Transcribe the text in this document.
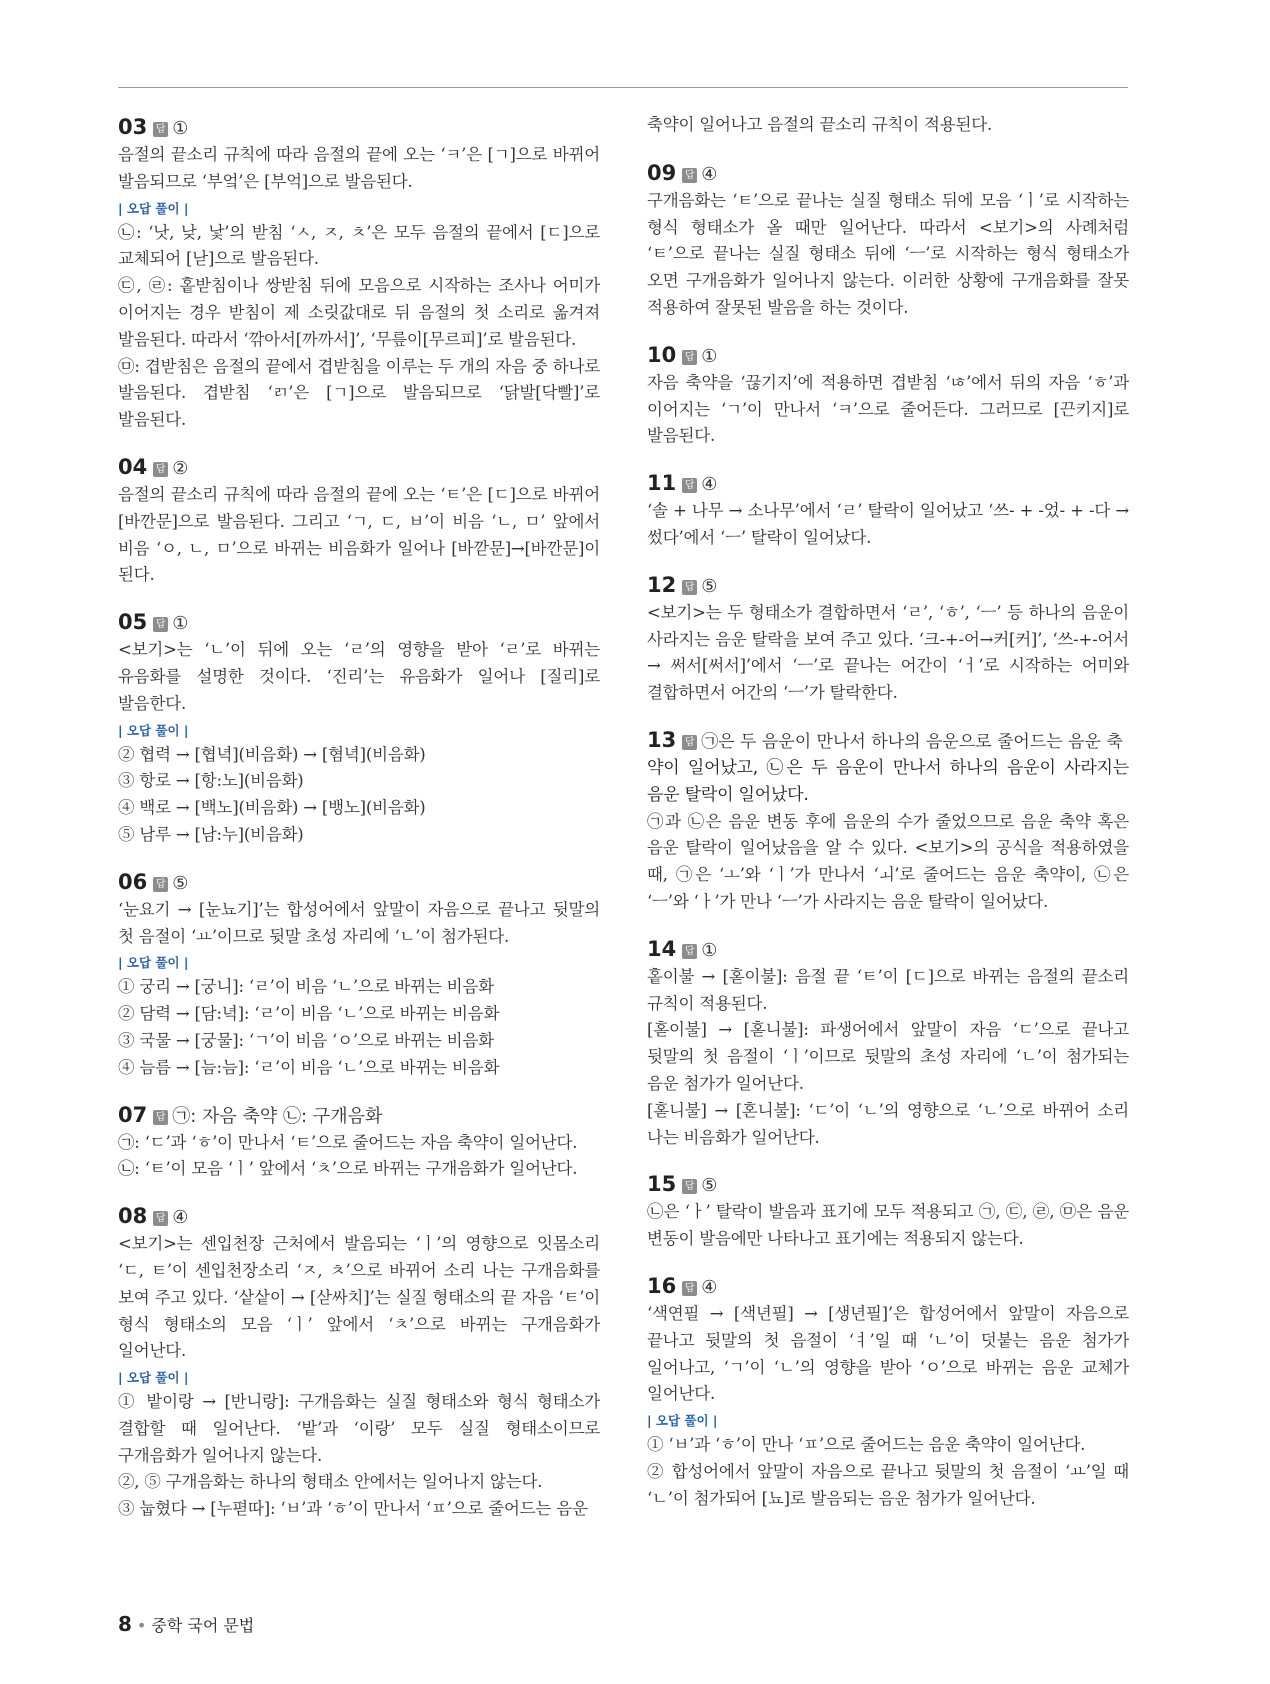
03 답 ①
음절의 끝소리 규칙에 따라 음절의 끝에 오는 ‘ㅋ’은 [ㄱ]으로 바뀌어 발음되므로 ‘부엌’은 [부억]으로 발음된다.
| 오답 풀이 |
㉡: ‘낫, 낮, 낯’의 받침 ‘ㅅ, ㅈ, ㅊ’은 모두 음절의 끝에서 [ㄷ]으로 교체되어 [낟]으로 발음된다.
㉢, ㉣: 홑받침이나 쌍받침 뒤에 모음으로 시작하는 조사나 어미가 이어지는 경우 받침이 제 소릿값대로 뒤 음절의 첫 소리로 옮겨져 발음된다. 따라서 ‘깎아서[까까서]’, ‘무릎이[무르피]’로 발음된다.
㉤: 겹받침은 음절의 끝에서 겹받침을 이루는 두 개의 자음 중 하나로 발음된다. 겹받침 ‘ㄺ’은 [ㄱ]으로 발음되므로 ‘닭발[닥빨]’로 발음된다.
04 답 ②
음절의 끝소리 규칙에 따라 음절의 끝에 오는 ‘ㅌ’은 [ㄷ]으로 바뀌어 [바깐문]으로 발음된다. 그리고 ‘ㄱ, ㄷ, ㅂ’이 비음 ‘ㄴ, ㅁ’ 앞에서 비음 ‘ㅇ, ㄴ, ㅁ’으로 바뀌는 비음화가 일어나 [바깓문]→[바깐문]이 된다.
05 답 ①
<보기>는 ‘ㄴ’이 뒤에 오는 ‘ㄹ’의 영향을 받아 ‘ㄹ’로 바뀌는 유음화를 설명한 것이다. ‘진리’는 유음화가 일어나 [질리]로 발음한다.
| 오답 풀이 |
② 협력 → [협녁](비음화) → [혐녁](비음화)
③ 항로 → [항:노](비음화)
④ 백로 → [백노](비음화) → [뱅노](비음화)
⑤ 남루 → [남:누](비음화)
06 답 ⑤
‘눈요기 → [눈뇨기]’는 합성어에서 앞말이 자음으로 끝나고 뒷말의 첫 음절이 ‘ㅛ’이므로 뒷말 초성 자리에 ‘ㄴ’이 첨가된다.
| 오답 풀이 |
① 궁리 → [궁니]: ‘ㄹ’이 비음 ‘ㄴ’으로 바뀌는 비음화
② 담력 → [담:녁]: ‘ㄹ’이 비음 ‘ㄴ’으로 바뀌는 비음화
③ 국물 → [궁물]: ‘ㄱ’이 비음 ‘ㅇ’으로 바뀌는 비음화
④ 늠름 → [늠:늠]: ‘ㄹ’이 비음 ‘ㄴ’으로 바뀌는 비음화
07 답 ㉠: 자음 축약 ㉡: 구개음화
㉠: ‘ㄷ’과 ‘ㅎ’이 만나서 ‘ㅌ’으로 줄어드는 자음 축약이 일어난다.
㉡: ‘ㅌ’이 모음 ‘ㅣ’ 앞에서 ‘ㅊ’으로 바뀌는 구개음화가 일어난다.
08 답 ④
<보기>는 센입천장 근처에서 발음되는 ‘ㅣ’의 영향으로 잇몸소리 ‘ㄷ, ㅌ’이 센입천장소리 ‘ㅈ, ㅊ’으로 바뀌어 소리 나는 구개음화를 보여 주고 있다. ‘샅샅이 → [삳싸치]’는 실질 형태소의 끝 자음 ‘ㅌ’이 형식 형태소의 모음 ‘ㅣ’ 앞에서 ‘ㅊ’으로 바뀌는 구개음화가 일어난다.
| 오답 풀이 |
① 밭이랑 → [반니랑]: 구개음화는 실질 형태소와 형식 형태소가 결합할 때 일어난다. ‘밭’과 ‘이랑’ 모두 실질 형태소이므로 구개음화가 일어나지 않는다.
②, ⑤ 구개음화는 하나의 형태소 안에서는 일어나지 않는다.
③ 눕혔다 → [누펻따]: ‘ㅂ’과 ‘ㅎ’이 만나서 ‘ㅍ’으로 줄어드는 음운
축약이 일어나고 음절의 끝소리 규칙이 적용된다.
09 답 ④
구개음화는 ‘ㅌ’으로 끝나는 실질 형태소 뒤에 모음 ‘ㅣ’로 시작하는 형식 형태소가 올 때만 일어난다. 따라서 <보기>의 사례처럼 ‘ㅌ’으로 끝나는 실질 형태소 뒤에 ‘ㅡ’로 시작하는 형식 형태소가 오면 구개음화가 일어나지 않는다. 이러한 상황에 구개음화를 잘못 적용하여 잘못된 발음을 하는 것이다.
10 답 ①
자음 축약을 ‘끊기지’에 적용하면 겹받침 ‘ㄶ’에서 뒤의 자음 ‘ㅎ’과 이어지는 ‘ㄱ’이 만나서 ‘ㅋ’으로 줄어든다. 그러므로 [끈키지]로 발음된다.
11 답 ④
‘솔 + 나무 → 소나무’에서 ‘ㄹ’ 탈락이 일어났고 ‘쓰- + -었- + -다 → 썼다’에서 ‘ㅡ’ 탈락이 일어났다.
12 답 ⑤
<보기>는 두 형태소가 결합하면서 ‘ㄹ’, ‘ㅎ’, ‘ㅡ’ 등 하나의 음운이 사라지는 음운 탈락을 보여 주고 있다. ‘크-+-어→커[커]’, ‘쓰-+-어서 → 써서[써서]’에서 ‘ㅡ’로 끝나는 어간이 ‘ㅓ’로 시작하는 어미와 결합하면서 어간의 ‘ㅡ’가 탈락한다.
13 답 ㉠은 두 음운이 만나서 하나의 음운으로 줄어드는 음운 축
약이 일어났고, ㉡은 두 음운이 만나서 하나의 음운이 사라지는 음운 탈락이 일어났다.
㉠과 ㉡은 음운 변동 후에 음운의 수가 줄었으므로 음운 축약 혹은 음운 탈락이 일어났음을 알 수 있다. <보기>의 공식을 적용하였을 때, ㉠은 ‘ㅗ’와 ‘ㅣ’가 만나서 ‘ㅚ’로 줄어드는 음운 축약이, ㉡은 ‘ㅡ’와 ‘ㅏ’가 만나 ‘ㅡ’가 사라지는 음운 탈락이 일어났다.
14 답 ①
홑이불 → [혿이불]: 음절 끝 ‘ㅌ’이 [ㄷ]으로 바뀌는 음절의 끝소리 규칙이 적용된다.
[혿이불] → [혿니불]: 파생어에서 앞말이 자음 ‘ㄷ’으로 끝나고 뒷말의 첫 음절이 ‘ㅣ’이므로 뒷말의 초성 자리에 ‘ㄴ’이 첨가되는 음운 첨가가 일어난다.
[혿니불] → [혼니불]: ‘ㄷ’이 ‘ㄴ’의 영향으로 ‘ㄴ’으로 바뀌어 소리 나는 비음화가 일어난다.
15 답 ⑤
㉡은 ‘ㅏ’ 탈락이 발음과 표기에 모두 적용되고 ㉠, ㉢, ㉣, ㉤은 음운 변동이 발음에만 나타나고 표기에는 적용되지 않는다.
16 답 ④
‘색연필 → [색년필] → [생년필]’은 합성어에서 앞말이 자음으로 끝나고 뒷말의 첫 음절이 ‘ㅕ’일 때 ‘ㄴ’이 덧붙는 음운 첨가가 일어나고, ‘ㄱ’이 ‘ㄴ’의 영향을 받아 ‘ㅇ’으로 바뀌는 음운 교체가 일어난다.
| 오답 풀이 |
① ‘ㅂ’과 ‘ㅎ’이 만나 ‘ㅍ’으로 줄어드는 음운 축약이 일어난다.
② 합성어에서 앞말이 자음으로 끝나고 뒷말의 첫 음절이 ‘ㅛ’일 때 ‘ㄴ’이 첨가되어 [뇨]로 발음되는 음운 첨가가 일어난다.
8 • 중학 국어 문법
